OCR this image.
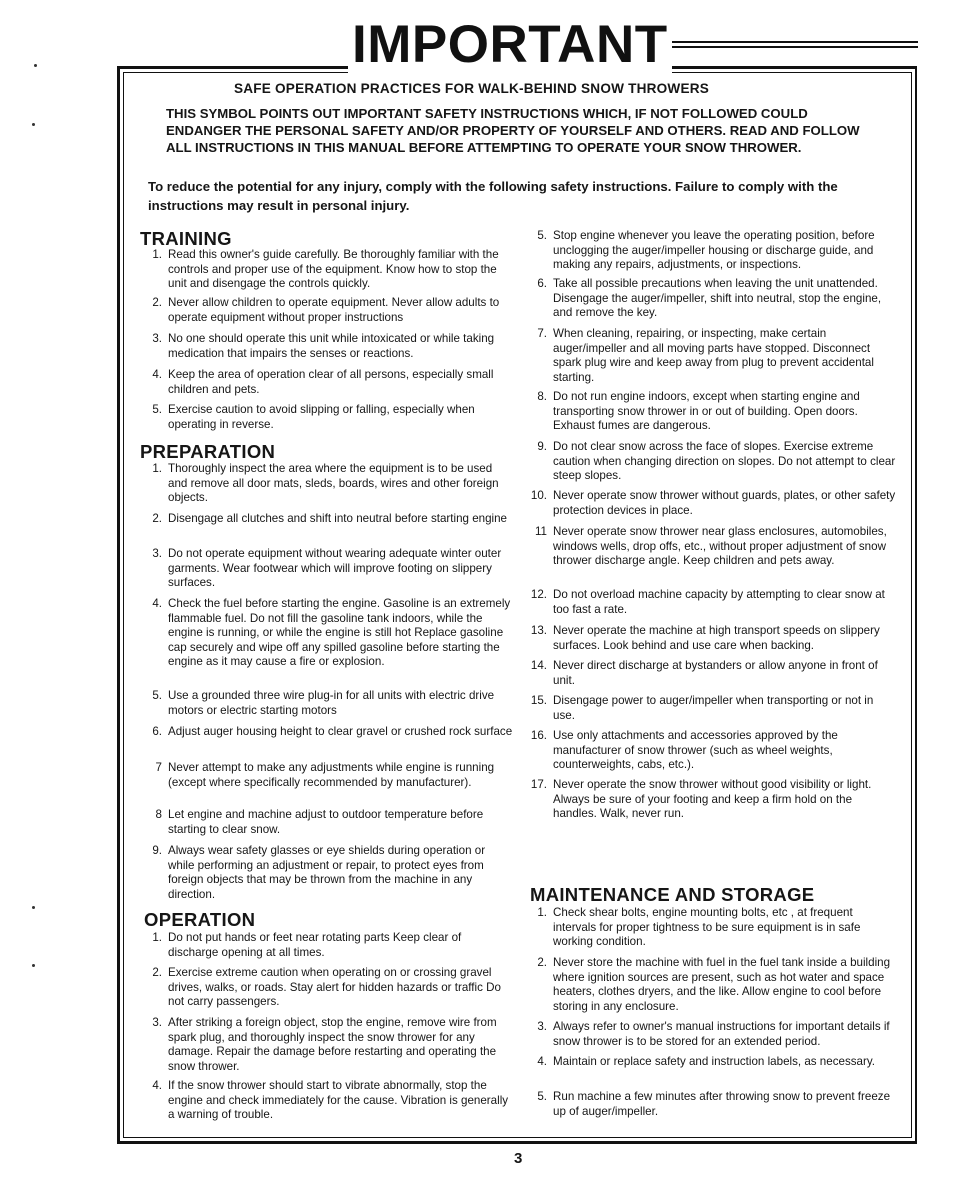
IMPORTANT
SAFE OPERATION PRACTICES FOR WALK-BEHIND SNOW THROWERS
THIS SYMBOL POINTS OUT IMPORTANT SAFETY INSTRUCTIONS WHICH, IF NOT FOLLOWED COULD ENDANGER THE PERSONAL SAFETY AND/OR PROPERTY OF YOURSELF AND OTHERS. READ AND FOLLOW ALL INSTRUCTIONS IN THIS MANUAL BEFORE ATTEMPTING TO OPERATE YOUR SNOW THROWER.
To reduce the potential for any injury, comply with the following safety instructions. Failure to comply with the instructions may result in personal injury.
TRAINING
1. Read this owner's guide carefully. Be thoroughly familiar with the controls and proper use of the equipment. Know how to stop the unit and disengage the controls quickly.
2. Never allow children to operate equipment. Never allow adults to operate equipment without proper instructions
3. No one should operate this unit while intoxicated or while taking medication that impairs the senses or reactions.
4. Keep the area of operation clear of all persons, especially small children and pets.
5. Exercise caution to avoid slipping or falling, especially when operating in reverse.
PREPARATION
1. Thoroughly inspect the area where the equipment is to be used and remove all door mats, sleds, boards, wires and other foreign objects.
2. Disengage all clutches and shift into neutral before starting engine
3. Do not operate equipment without wearing adequate winter outer garments. Wear footwear which will improve footing on slippery surfaces.
4. Check the fuel before starting the engine. Gasoline is an extremely flammable fuel. Do not fill the gasoline tank indoors, while the engine is running, or while the engine is still hot Replace gasoline cap securely and wipe off any spilled gasoline before starting the engine as it may cause a fire or explosion.
5. Use a grounded three wire plug-in for all units with electric drive motors or electric starting motors
6. Adjust auger housing height to clear gravel or crushed rock surface
7 Never attempt to make any adjustments while engine is running (except where specifically recommended by manufacturer).
8 Let engine and machine adjust to outdoor temperature before starting to clear snow.
9. Always wear safety glasses or eye shields during operation or while performing an adjustment or repair, to protect eyes from foreign objects that may be thrown from the machine in any direction.
OPERATION
1. Do not put hands or feet near rotating parts Keep clear of discharge opening at all times.
2. Exercise extreme caution when operating on or crossing gravel drives, walks, or roads. Stay alert for hidden hazards or traffic Do not carry passengers.
3. After striking a foreign object, stop the engine, remove wire from spark plug, and thoroughly inspect the snow thrower for any damage. Repair the damage before restarting and operating the snow thrower.
4. If the snow thrower should start to vibrate abnormally, stop the engine and check immediately for the cause. Vibration is generally a warning of trouble.
5. Stop engine whenever you leave the operating position, before unclogging the auger/impeller housing or discharge guide, and making any repairs, adjustments, or inspections.
6. Take all possible precautions when leaving the unit unattended. Disengage the auger/impeller, shift into neutral, stop the engine, and remove the key.
7. When cleaning, repairing, or inspecting, make certain auger/impeller and all moving parts have stopped. Disconnect spark plug wire and keep away from plug to prevent accidental starting.
8. Do not run engine indoors, except when starting engine and transporting snow thrower in or out of building. Open doors. Exhaust fumes are dangerous.
9. Do not clear snow across the face of slopes. Exercise extreme caution when changing direction on slopes. Do not attempt to clear steep slopes.
10. Never operate snow thrower without guards, plates, or other safety protection devices in place.
11 Never operate snow thrower near glass enclosures, automobiles, windows wells, drop offs, etc., without proper adjustment of snow thrower discharge angle. Keep children and pets away.
12. Do not overload machine capacity by attempting to clear snow at too fast a rate.
13. Never operate the machine at high transport speeds on slippery surfaces. Look behind and use care when backing.
14. Never direct discharge at bystanders or allow anyone in front of unit.
15. Disengage power to auger/impeller when transporting or not in use.
16. Use only attachments and accessories approved by the manufacturer of snow thrower (such as wheel weights, counterweights, cabs, etc.).
17. Never operate the snow thrower without good visibility or light. Always be sure of your footing and keep a firm hold on the handles. Walk, never run.
MAINTENANCE AND STORAGE
1. Check shear bolts, engine mounting bolts, etc , at frequent intervals for proper tightness to be sure equipment is in safe working condition.
2. Never store the machine with fuel in the fuel tank inside a building where ignition sources are present, such as hot water and space heaters, clothes dryers, and the like. Allow engine to cool before storing in any enclosure.
3. Always refer to owner's manual instructions for important details if snow thrower is to be stored for an extended period.
4. Maintain or replace safety and instruction labels, as necessary.
5. Run machine a few minutes after throwing snow to prevent freeze up of auger/impeller.
3
